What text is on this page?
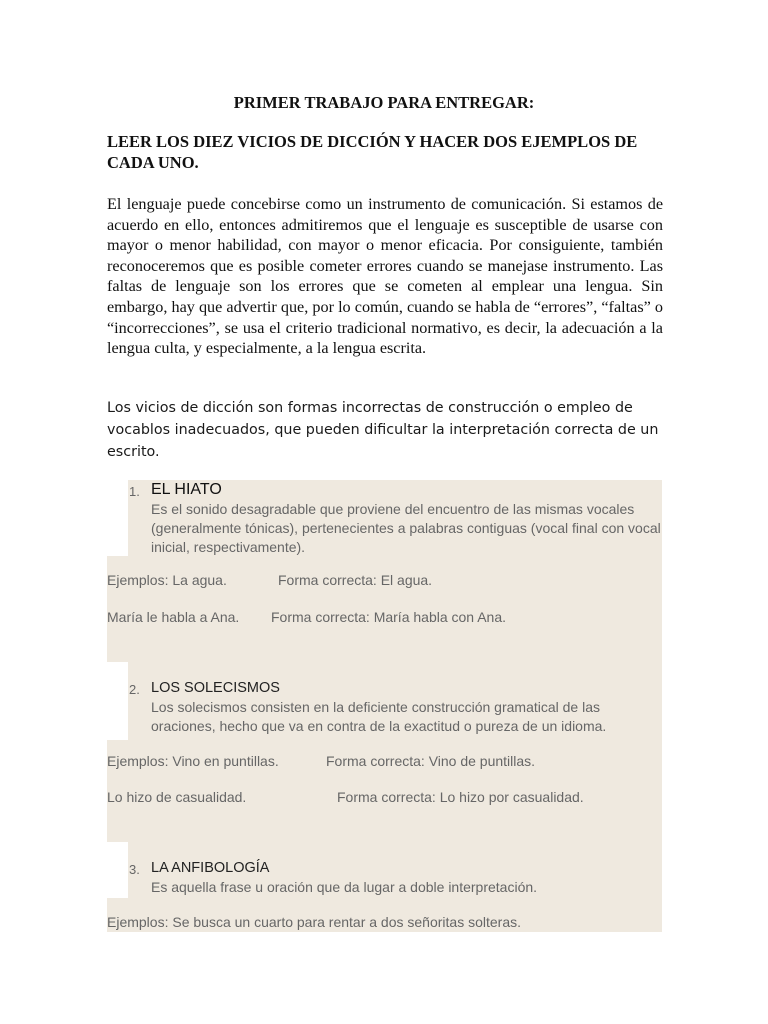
PRIMER TRABAJO PARA ENTREGAR:
LEER LOS DIEZ VICIOS DE DICCIÓN Y HACER DOS EJEMPLOS DE CADA UNO.
El lenguaje puede concebirse como un instrumento de comunicación. Si estamos de acuerdo en ello, entonces admitiremos que el lenguaje es susceptible de usarse con mayor o menor habilidad, con mayor o menor eficacia. Por consiguiente, también reconoceremos que es posible cometer errores cuando se manejase instrumento. Las faltas de lenguaje son los errores que se cometen al emplear una lengua. Sin embargo, hay que advertir que, por lo común, cuando se habla de “errores”, “faltas” o “incorrecciones”, se usa el criterio tradicional normativo, es decir, la adecuación a la lengua culta, y especialmente, a la lengua escrita.
Los vicios de dicción son formas incorrectas de construcción o empleo de vocablos inadecuados, que pueden dificultar la interpretación correcta de un escrito.
1. EL HIATO
Es el sonido desagradable que proviene del encuentro de las mismas vocales (generalmente tónicas), pertenecientes a palabras contiguas (vocal final con vocal inicial, respectivamente).
Ejemplos: La agua.	Forma correcta: El agua.
María le habla a Ana. Forma correcta: María habla con Ana.
2. LOS SOLECISMOS
Los solecismos consisten en la deficiente construcción gramatical de las oraciones, hecho que va en contra de la exactitud o pureza de un idioma.
Ejemplos: Vino en puntillas.	Forma correcta: Vino de puntillas.
Lo hizo de casualidad.	Forma correcta: Lo hizo por casualidad.
3. LA ANFIBOLOGÍA
Es aquella frase u oración que da lugar a doble interpretación.
Ejemplos: Se busca un cuarto para rentar a dos señoritas solteras.
